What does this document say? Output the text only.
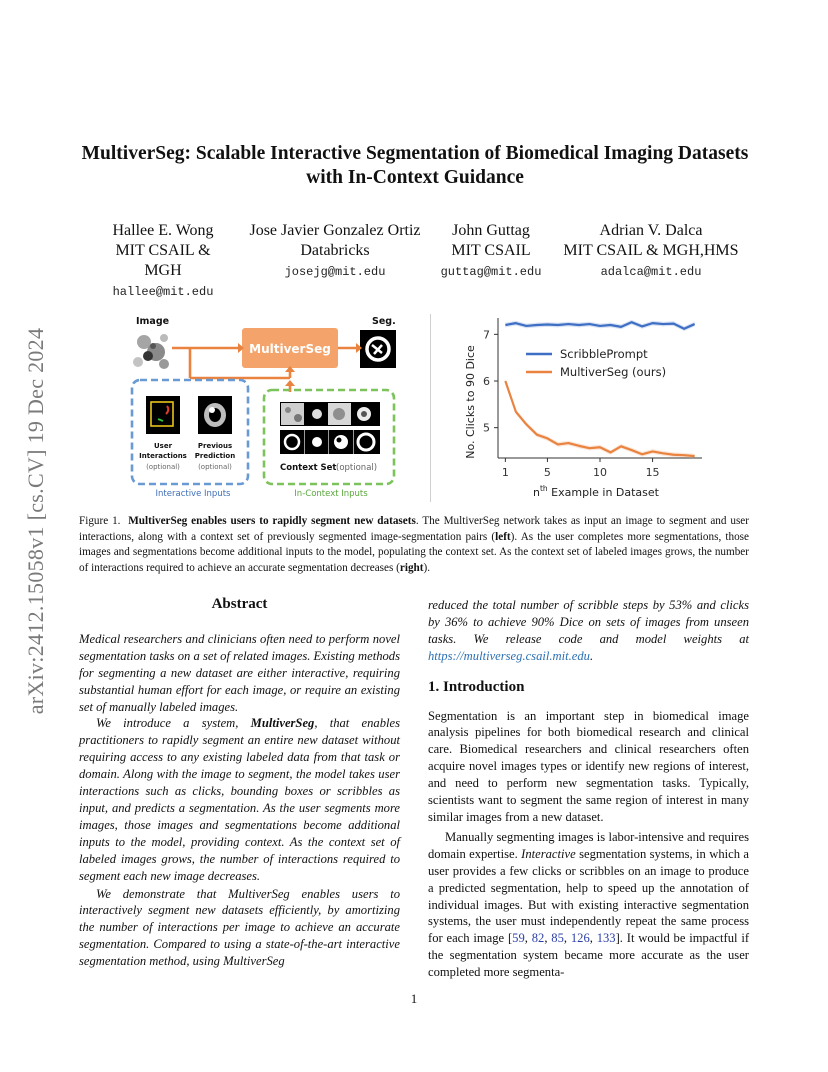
arXiv:2412.15058v1 [cs.CV] 19 Dec 2024
MultiverSeg: Scalable Interactive Segmentation of Biomedical Imaging Datasets
with In-Context Guidance
Hallee E. Wong
MIT CSAIL & MGH
hallee@mit.edu
Jose Javier Gonzalez Ortiz
Databricks
josejg@mit.edu
John Guttag
MIT CSAIL
guttag@mit.edu
Adrian V. Dalca
MIT CSAIL & MGH,HMS
adalca@mit.edu
Image	Seg.
MultiverSeg
User
Interactions
(optional)
Previous
Prediction
(optional)
Interactive Inputs
Context Set (optional)
In-Context Inputs
5
6
7
1	5	10	15
ScribblePrompt
MultiverSeg (ours)
No. Clicks to 90 Dice
$n^{th}$ Example in Dataset
Figure 1. MultiverSeg enables users to rapidly segment new datasets. The MultiverSeg network takes as input an image to segment and user interactions, along with a context set of previously segmented image-segmentation pairs (left). As the user completes more segmentations, those images and segmentations become additional inputs to the model, populating the context set. As the context set of labeled images grows, the number of interactions required to achieve an accurate segmentation decreases (right).
Abstract

Medical researchers and clinicians often need to perform novel segmentation tasks on a set of related images. Existing methods for segmenting a new dataset are either interactive, requiring substantial human effort for each image, or require an existing set of manually labeled images.

We introduce a system, MultiverSeg, that enables practitioners to rapidly segment an entire new dataset without requiring access to any existing labeled data from that task or domain. Along with the image to segment, the model takes user interactions such as clicks, bounding boxes or scribbles as input, and predicts a segmentation. As the user segments more images, those images and segmentations become additional inputs to the model, providing context. As the context set of labeled images grows, the number of interactions required to segment each new image decreases.

We demonstrate that MultiverSeg enables users to interactively segment new datasets efficiently, by amortizing the number of interactions per image to achieve an accurate segmentation. Compared to using a state-of-the-art interactive segmentation method, using MultiverSeg

reduced the total number of scribble steps by 53% and clicks by 36% to achieve 90% Dice on sets of images from unseen tasks. We release code and model weights at https://multiverseg.csail.mit.edu.

1. Introduction

Segmentation is an important step in biomedical image analysis pipelines for both biomedical research and clinical care. Biomedical researchers and clinical researchers often acquire novel images types or identify new regions of interest, and need to perform new segmentation tasks. Typically, scientists want to segment the same region of interest in many similar images from a new dataset.

Manually segmenting images is labor-intensive and requires domain expertise. Interactive segmentation systems, in which a user provides a few clicks or scribbles on an image to produce a predicted segmentation, help to speed up the annotation of individual images. But with existing interactive segmentation systems, the user must independently repeat the same process for each image [59, 82, 85, 126, 133]. It would be impactful if the segmentation system became more accurate as the user completed more segmenta-

1
